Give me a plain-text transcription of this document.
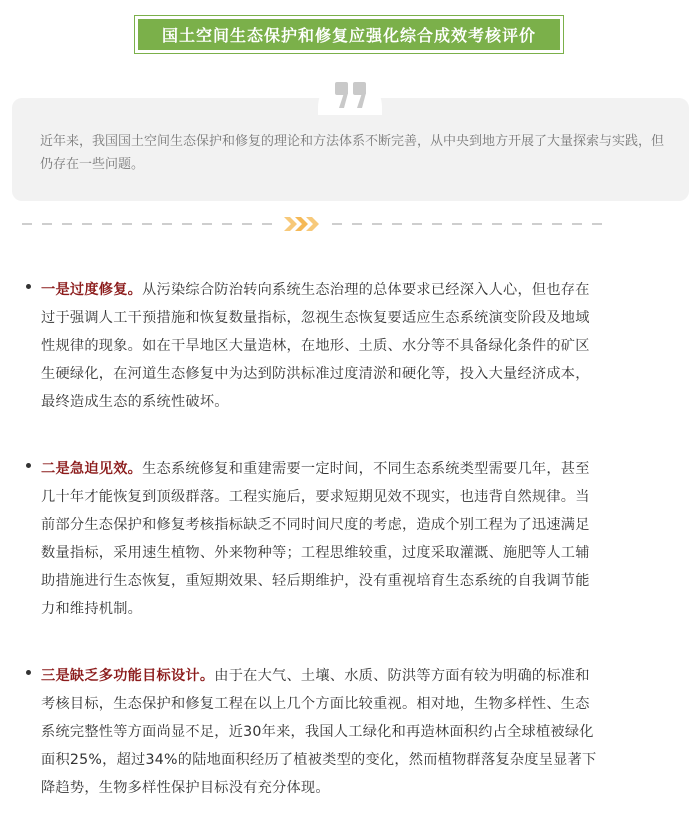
国土空间生态保护和修复应强化综合成效考核评价
近年来，我国国土空间生态保护和修复的理论和方法体系不断完善，从中央到地方开展了大量探索与实践，但仍存在一些问题。
一是过度修复。从污染综合防治转向系统生态治理的总体要求已经深入人心，但也存在过于强调人工干预措施和恢复数量指标，忽视生态恢复要适应生态系统演变阶段及地域性规律的现象。如在干旱地区大量造林，在地形、土质、水分等不具备绿化条件的矿区生硬绿化，在河道生态修复中为达到防洪标准过度清淤和硬化等，投入大量经济成本，最终造成生态的系统性破坏。
二是急迫见效。生态系统修复和重建需要一定时间，不同生态系统类型需要几年，甚至几十年才能恢复到顶级群落。工程实施后，要求短期见效不现实，也违背自然规律。当前部分生态保护和修复考核指标缺乏不同时间尺度的考虑，造成个别工程为了迅速满足数量指标，采用速生植物、外来物种等；工程思维较重，过度采取灌溉、施肥等人工辅助措施进行生态恢复，重短期效果、轻后期维护，没有重视培育生态系统的自我调节能力和维持机制。
三是缺乏多功能目标设计。由于在大气、土壤、水质、防洪等方面有较为明确的标准和考核目标，生态保护和修复工程在以上几个方面比较重视。相对地，生物多样性、生态系统完整性等方面尚显不足，近30年来，我国人工绿化和再造林面积约占全球植被绿化面积25%，超过34%的陆地面积经历了植被类型的变化，然而植物群落复杂度呈显著下降趋势，生物多样性保护目标没有充分体现。
